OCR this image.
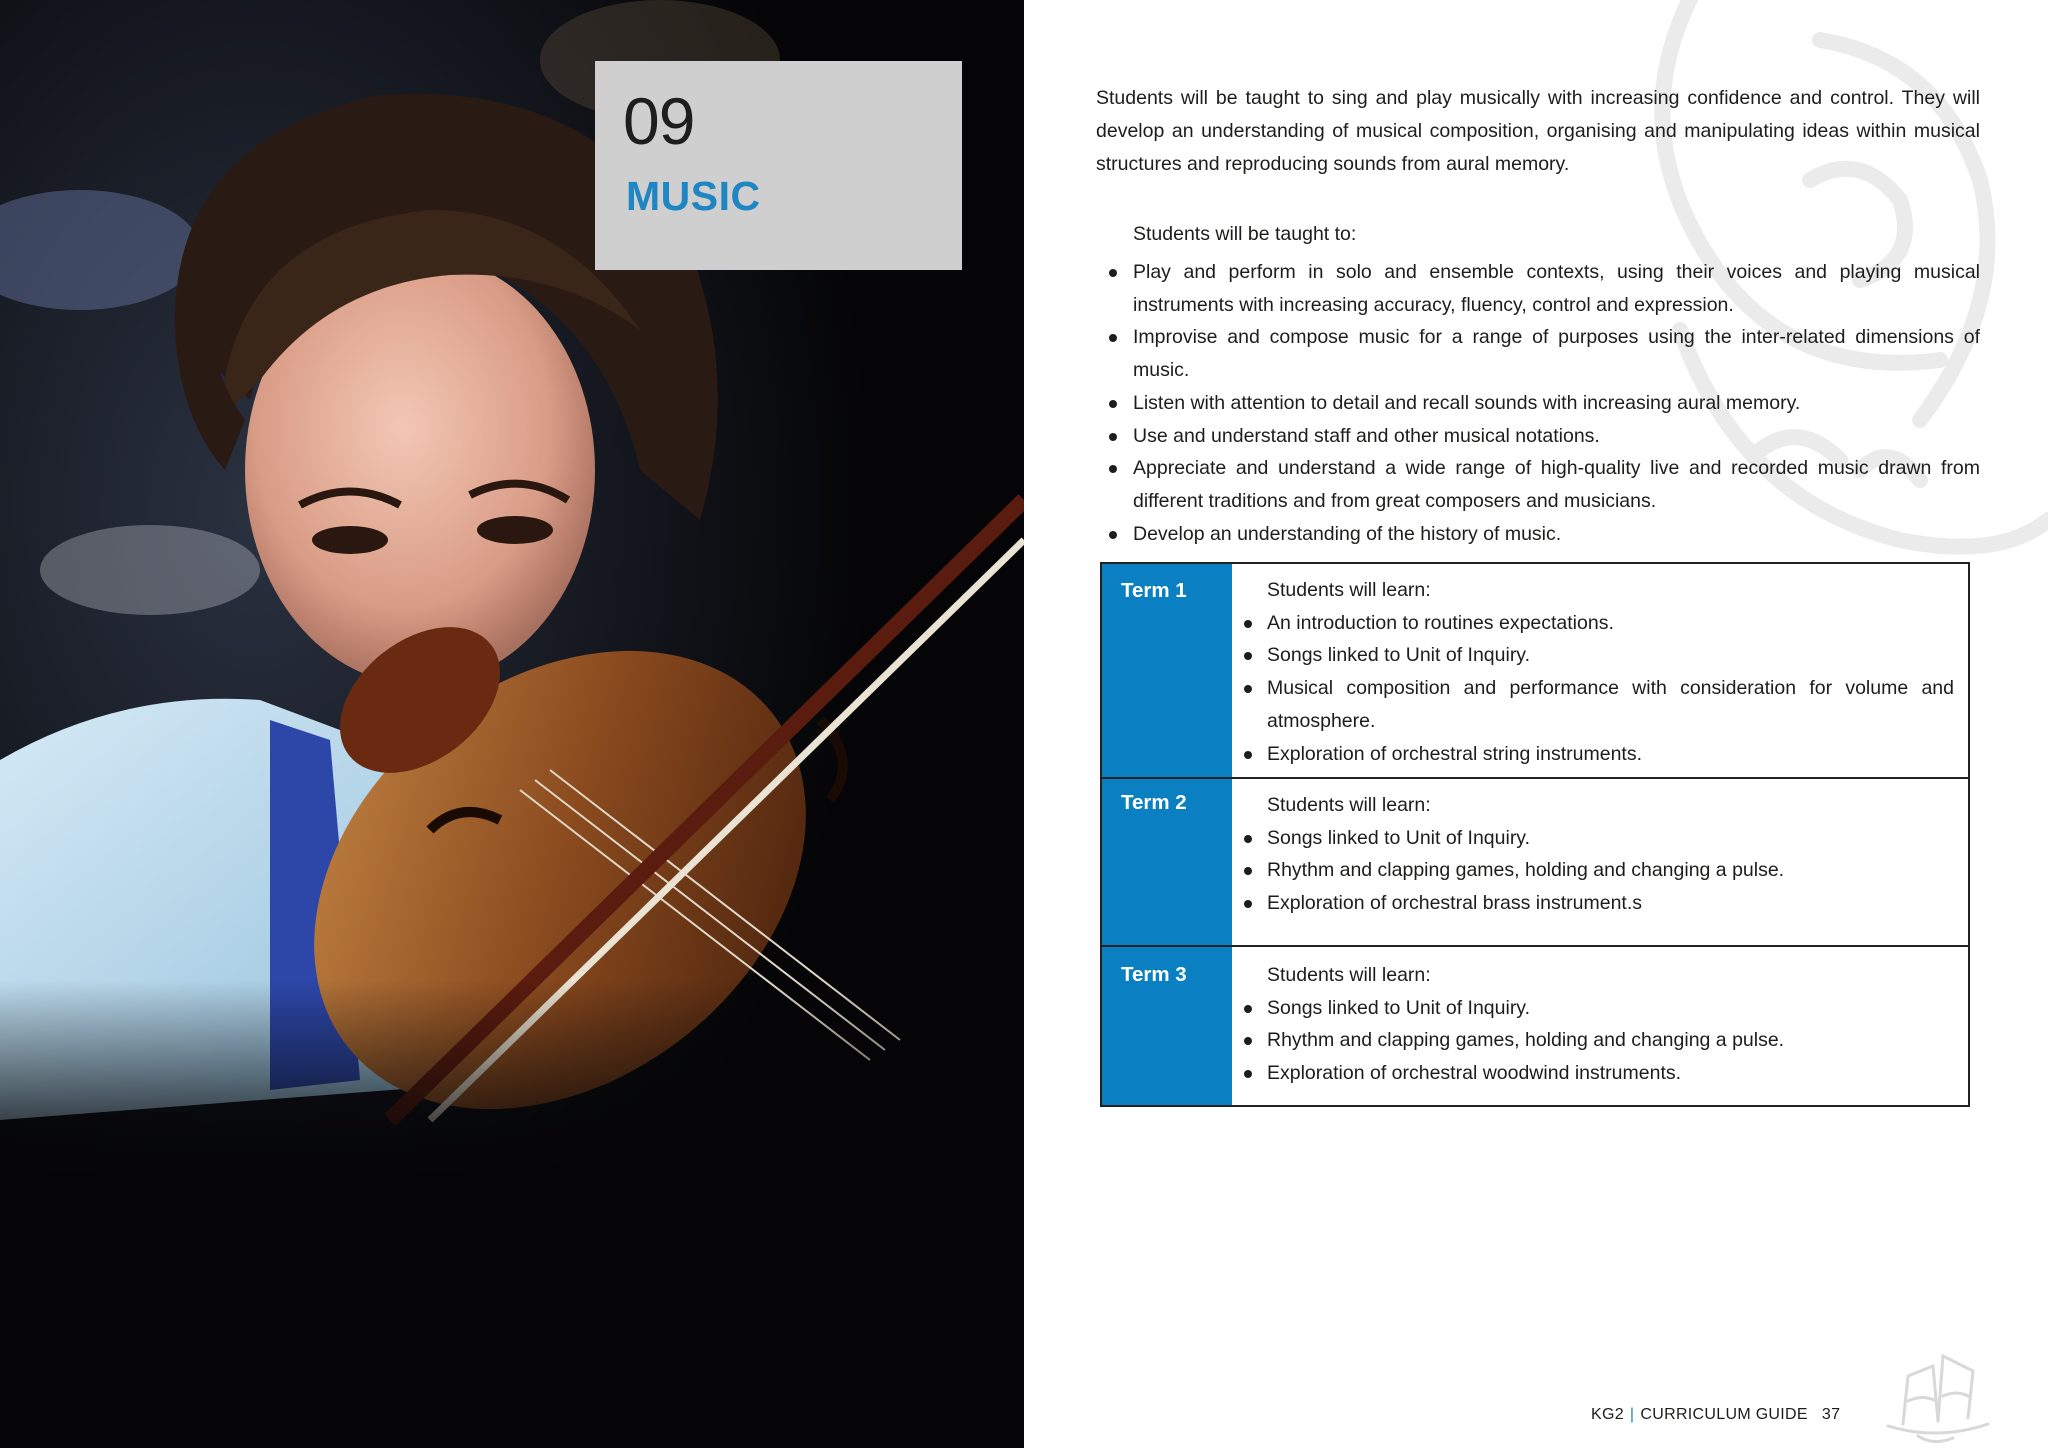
09
MUSIC
Students will be taught to sing and play musically with increasing confidence and control. They will develop an understanding of musical composition, organising and manipulating ideas within musical structures and reproducing sounds from aural memory.
Students will be taught to:
Play and perform in solo and ensemble contexts, using their voices and playing musical instruments with increasing accuracy, fluency, control and expression.
Improvise and compose music for a range of purposes using the inter-related dimensions of music.
Listen with attention to detail and recall sounds with increasing aural memory.
Use and understand staff and other musical notations.
Appreciate and understand a wide range of high-quality live and recorded music drawn from different traditions and from great composers and musicians.
Develop an understanding of the history of music.
Term 1	Students will learn:
An introduction to routines expectations.
Songs linked to Unit of Inquiry.
Musical composition and performance with consideration for volume and atmosphere.
Exploration of orchestral string instruments.
Term 2	Students will learn:
Songs linked to Unit of Inquiry.
Rhythm and clapping games, holding and changing a pulse.
Exploration of orchestral brass instrument.s
Term 3	Students will learn:
Songs linked to Unit of Inquiry.
Rhythm and clapping games, holding and changing a pulse.
Exploration of orchestral woodwind instruments.
KG2 | CURRICULUM GUIDE 37
